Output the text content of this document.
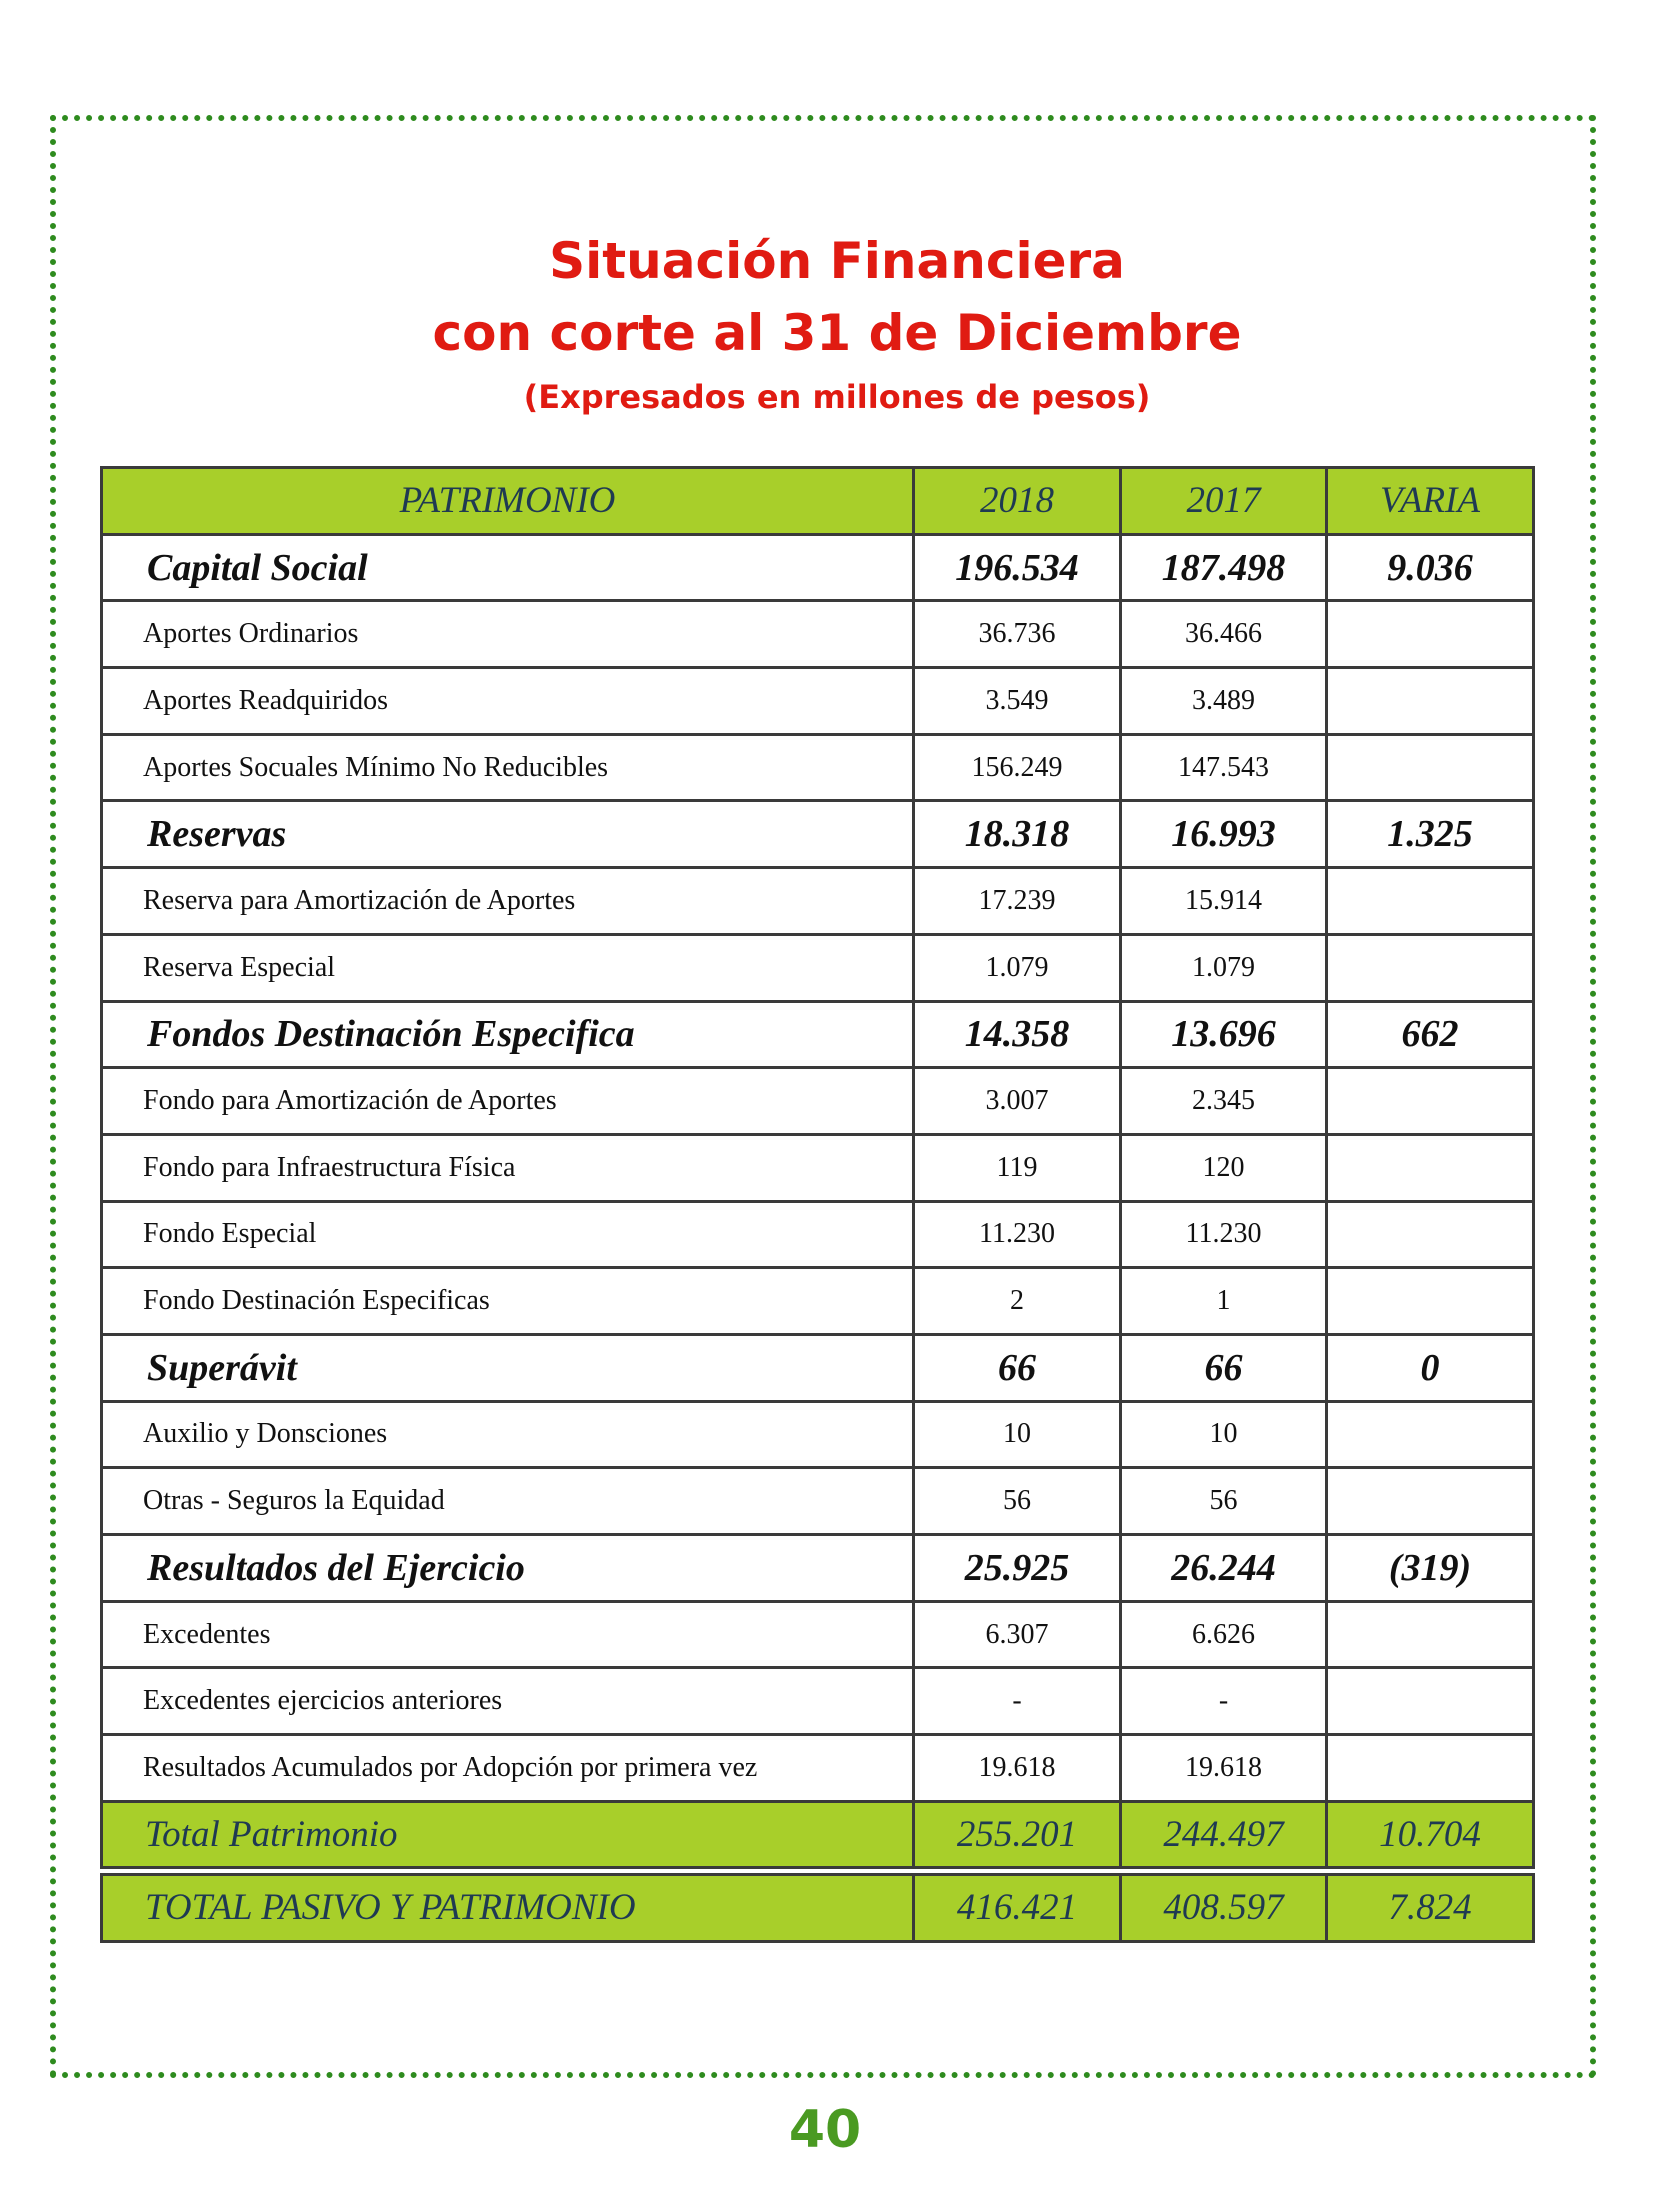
Situación Financiera
con corte al 31 de Diciembre
(Expresados en millones de pesos)
PATRIMONIO	2018	2017	VARIA
Capital Social	196.534	187.498	9.036
Aportes Ordinarios	36.736	36.466	
Aportes Readquiridos	3.549	3.489	
Aportes Socuales Mínimo No Reducibles	156.249	147.543	
Reservas	18.318	16.993	1.325
Reserva para Amortización de Aportes	17.239	15.914	
Reserva Especial	1.079	1.079	
Fondos Destinación Especifica	14.358	13.696	662
Fondo para Amortización de Aportes	3.007	2.345	
Fondo para Infraestructura Física	119	120	
Fondo Especial	11.230	11.230	
Fondo Destinación Especificas	2	1	
Superávit	66	66	0
Auxilio y Donsciones	10	10	
Otras - Seguros la Equidad	56	56	
Resultados del Ejercicio	25.925	26.244	(319)
Excedentes	6.307	6.626	
Excedentes ejercicios anteriores	-	-	
Resultados Acumulados por Adopción por primera vez	19.618	19.618	
Total Patrimonio	255.201	244.497	10.704
TOTAL PASIVO Y PATRIMONIO	416.421	408.597	7.824
40
